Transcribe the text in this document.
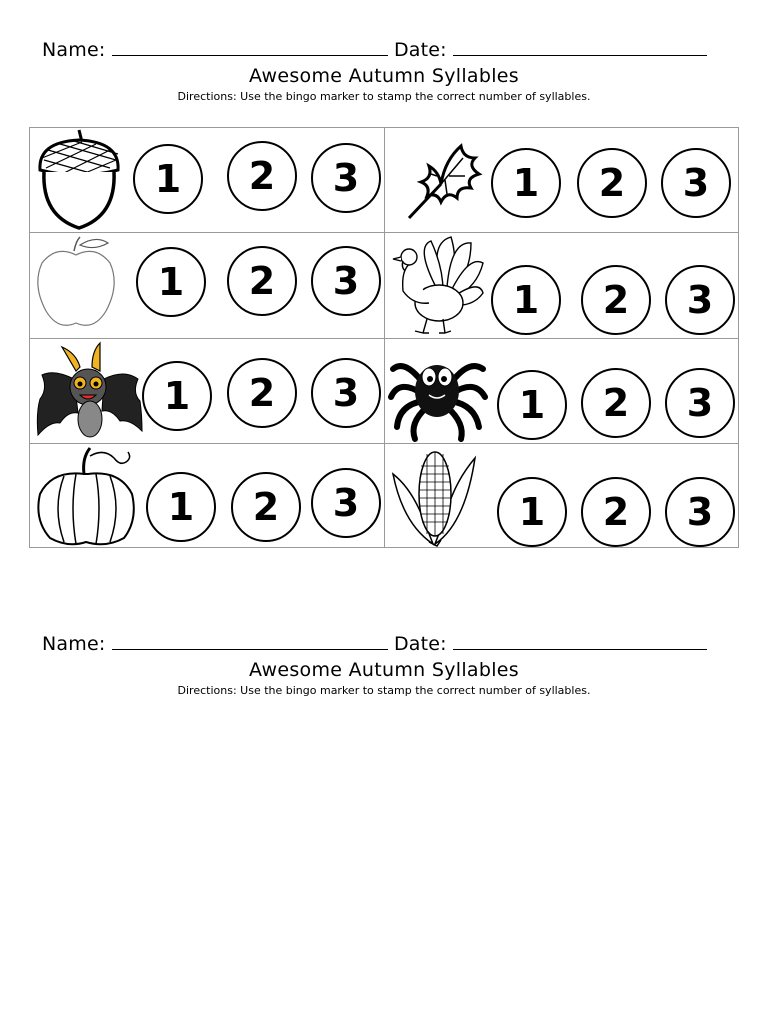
Name:	Date:
Awesome Autumn Syllables
Directions: Use the bingo marker to stamp the correct number of syllables.
1	2	3	1	2	3
1	2	3	1	2	3
1	2	3	1	2	3
1	2	3	1	2	3
Name:	Date:
Awesome Autumn Syllables
Directions: Use the bingo marker to stamp the correct number of syllables.
